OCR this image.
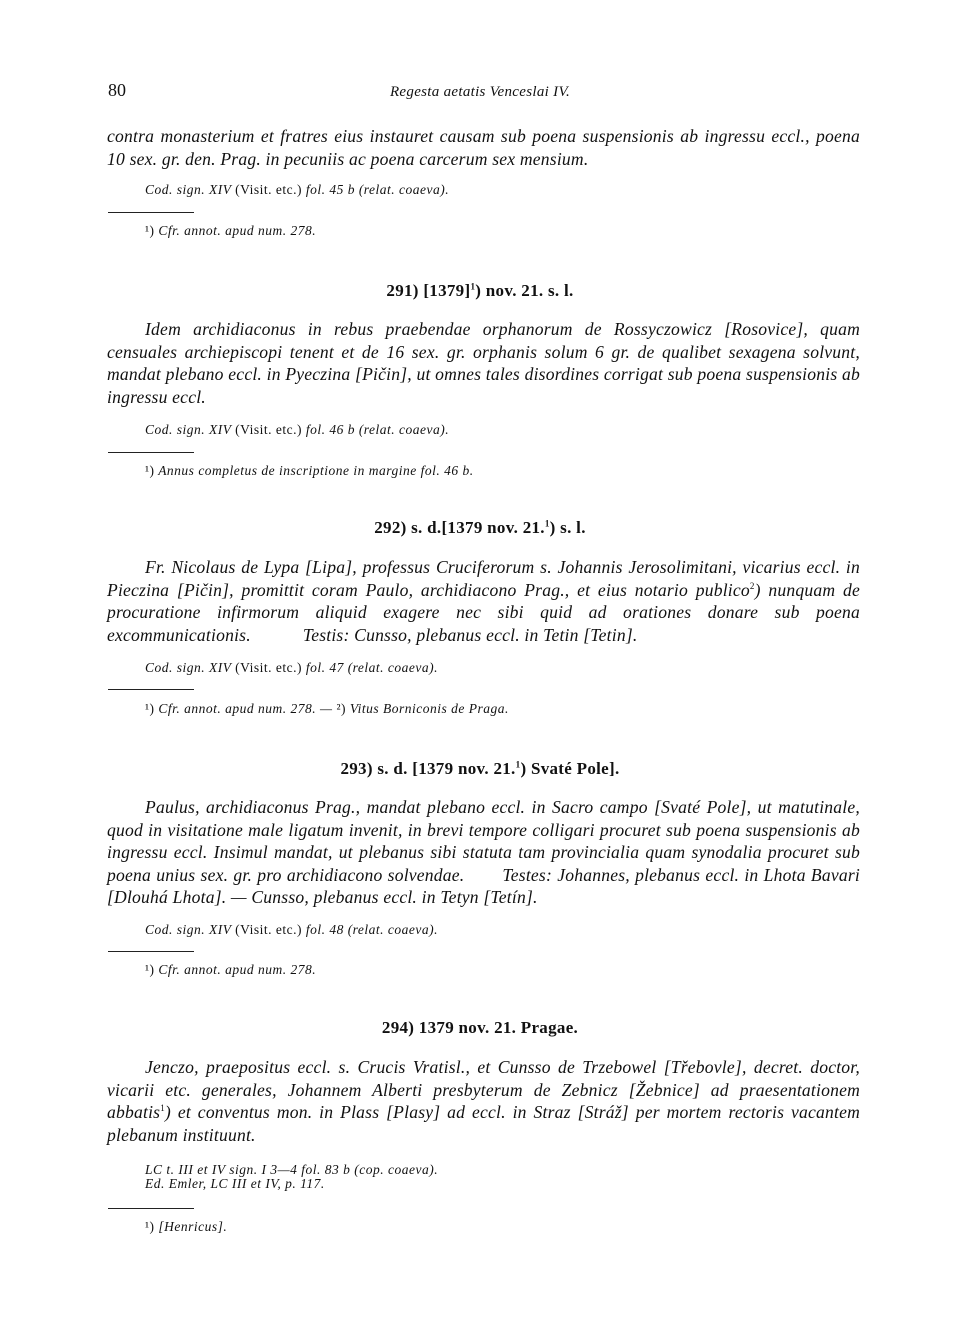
80	Regesta aetatis Venceslai IV.

contra monasterium et fratres eius instauret causam sub poena suspensionis ab ingressu eccl., poena 10 sex. gr. den. Prag. in pecuniis ac poena carcerum sex mensium.

Cod. sign. XIV (Visit. etc.) fol. 45 b (relat. coaeva).
¹) Cfr. annot. apud num. 278.
291) $[1379]^1$) nov. 21. s. l.

Idem archidiaconus in rebus praebendae orphanorum de Rossyczowicz [Rosovice], quam censuales archiepiscopi tenent et de 16 sex. gr. orphanis solum 6 gr. de qualibet sexagena solvunt, mandat plebano eccl. in Pyeczina [Pičin], ut omnes tales disordines corrigat sub poena suspensionis ab ingressu eccl.

Cod. sign. XIV (Visit. etc.) fol. 46 b (relat. coaeva).
¹) Annus completus de inscriptione in margine fol. 46 b.
292) s. d.[1379 nov. 21.$^1$) s. l.

Fr. Nicolaus de Lypa [Lipa], professus Cruciferorum s. Johannis Jerosolimitani, vicarius eccl. in Pieczina [Pičin], promittit coram Paulo, archidiacono Prag., et eius notario publico$^2$) nunquam de procuratione infirmorum aliquid exagere nec sibi quid ad orationes donare sub poena excommunicationis.	Testis: Cunsso, plebanus eccl. in Tetin [Tetin].

Cod. sign. XIV (Visit. etc.) fol. 47 (relat. coaeva).
¹) Cfr. annot. apud num. 278. — ²) Vitus Borniconis de Praga.
293) s. d. [1379 nov. 21.$^1$) Svaté Pole].

Paulus, archidiaconus Prag., mandat plebano eccl. in Sacro campo [Svaté Pole], ut matutinale, quod in visitatione male ligatum invenit, in brevi tempore colligari procuret sub poena suspensionis ab ingressu eccl. Insimul mandat, ut plebanus sibi statuta tam provincialia quam synodalia procuret sub poena unius sex. gr. pro archidiacono solvendae. Testes: Johannes, plebanus eccl. in Lhota Bavari [Dlouhá Lhota]. — Cunsso, plebanus eccl. in Tetyn [Tetín].

Cod. sign. XIV (Visit. etc.) fol. 48 (relat. coaeva).
¹) Cfr. annot. apud num. 278.
294) 1379 nov. 21. Pragae.

Jenczo, praepositus eccl. s. Crucis Vratisl., et Cunsso de Trzebowel [Třebovle], decret. doctor, vicarii etc. generales, Johannem Alberti presbyterum de Zebnicz [Žebnice] ad praesentationem abbatis$^1$) et conventus mon. in Plass [Plasy] ad eccl. in Straz [Stráž] per mortem rectoris vacantem plebanum instituunt.

LC t. III et IV sign. I 3—4 fol. 83 b (cop. coaeva).
Ed. Emler, LC III et IV, p. 117.
¹) [Henricus].
